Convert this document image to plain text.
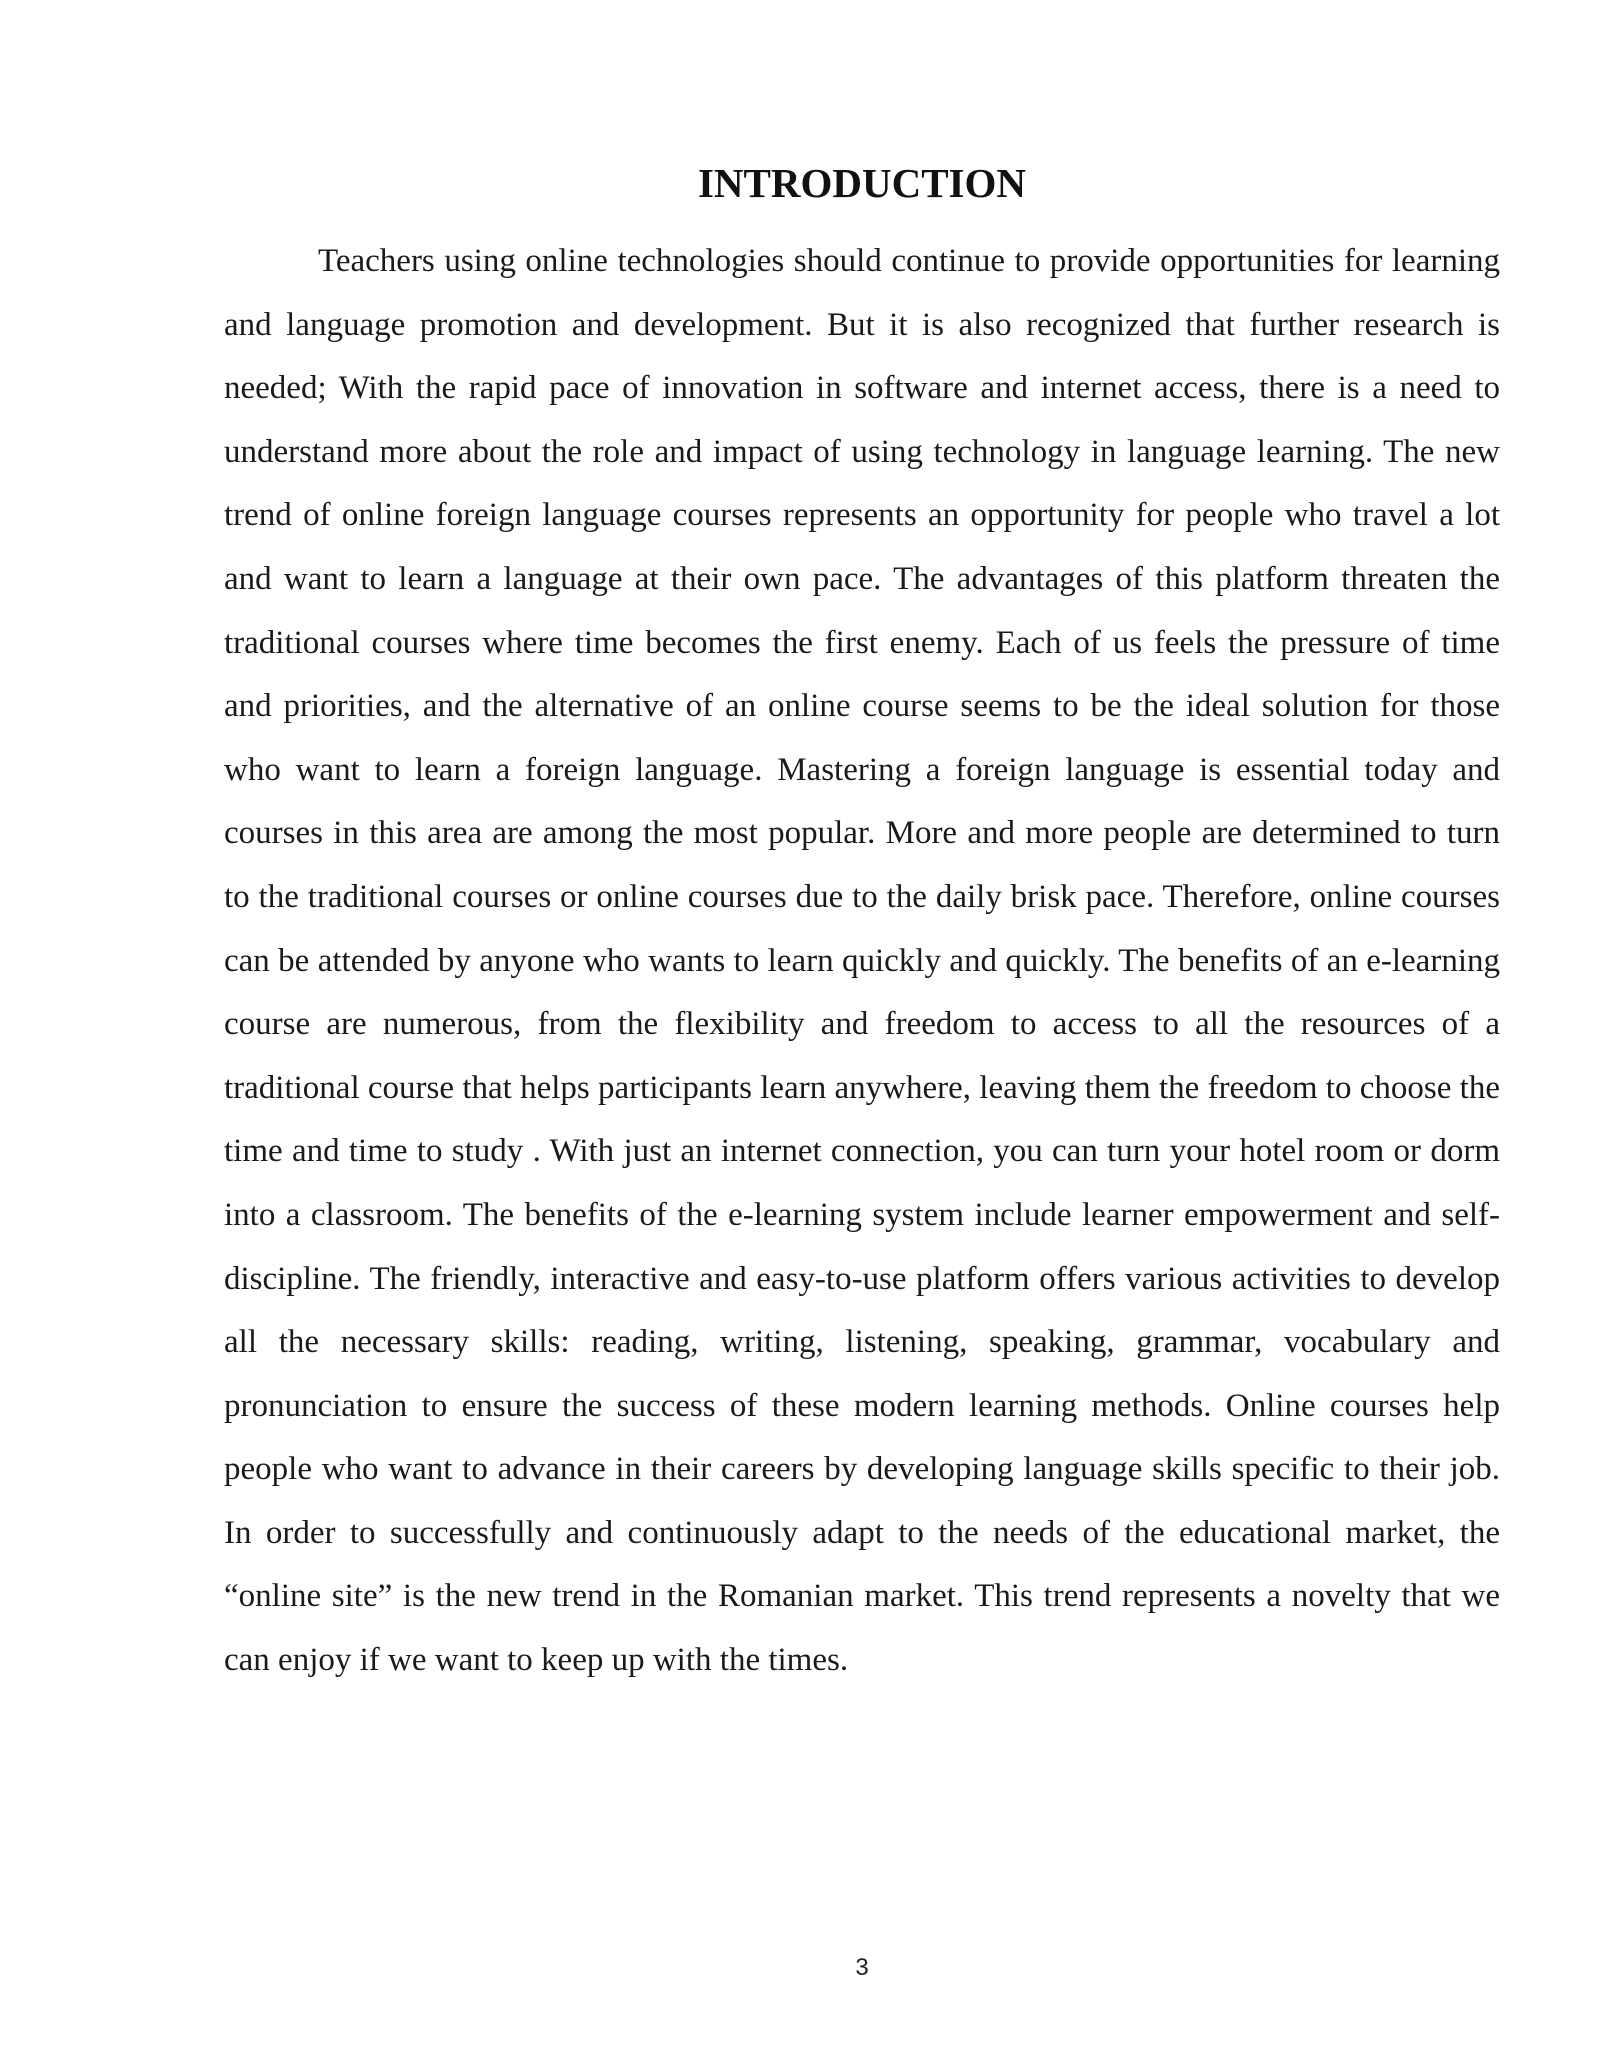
INTRODUCTION

Teachers using online technologies should continue to provide opportunities for learning and language promotion and development. But it is also recognized that further research is needed; With the rapid pace of innovation in software and internet access, there is a need to understand more about the role and impact of using technology in language learning. The new trend of online foreign language courses represents an opportunity for people who travel a lot and want to learn a language at their own pace. The advantages of this platform threaten the traditional courses where time becomes the first enemy. Each of us feels the pressure of time and priorities, and the alternative of an online course seems to be the ideal solution for those who want to learn a foreign language. Mastering a foreign language is essential today and courses in this area are among the most popular. More and more people are determined to turn to the traditional courses or online courses due to the daily brisk pace. Therefore, online courses can be attended by anyone who wants to learn quickly and quickly. The benefits of an e-learning course are numerous, from the flexibility and freedom to access to all the resources of a traditional course that helps participants learn anywhere, leaving them the freedom to choose the time and time to study . With just an internet connection, you can turn your hotel room or dorm into a classroom. The benefits of the e-learning system include learner empowerment and self-discipline. The friendly, interactive and easy-to-use platform offers various activities to develop all the necessary skills: reading, writing, listening, speaking, grammar, vocabulary and pronunciation to ensure the success of these modern learning methods. Online courses help people who want to advance in their careers by developing language skills specific to their job. In order to successfully and continuously adapt to the needs of the educational market, the “online site” is the new trend in the Romanian market. This trend represents a novelty that we can enjoy if we want to keep up with the times.

3
